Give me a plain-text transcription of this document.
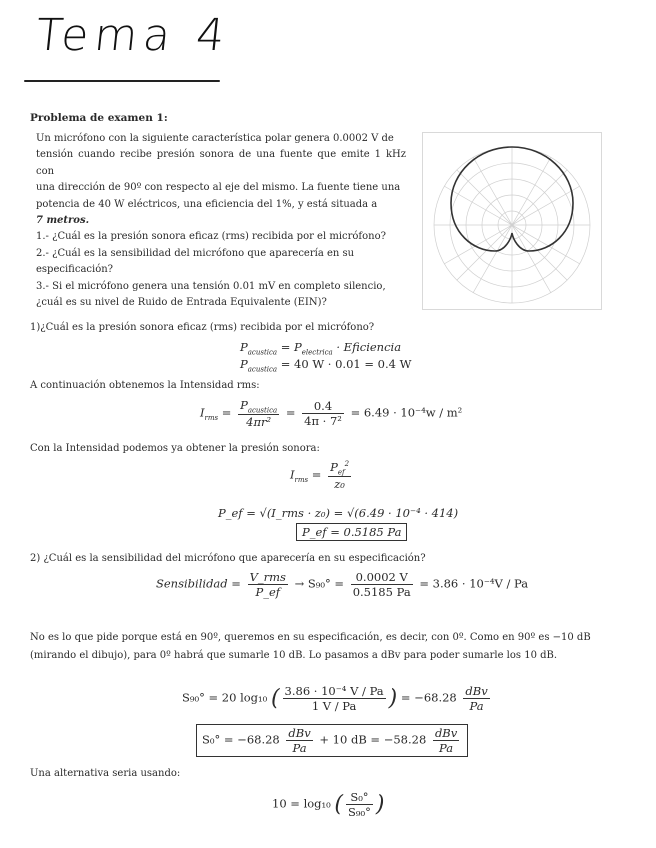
Tema 4
Problema de examen 1:

Un micrófono con la siguiente característica polar genera 0.0002 V de

tensión cuando recibe presión sonora de una fuente que emite 1 kHz con

una dirección de 90º con respecto al eje del mismo. La fuente tiene una

potencia de 40 W eléctricos, una eficiencia del 1%, y está situada a

7 metros.

1.- ¿Cuál es la presión sonora eficaz (rms) recibida por el micrófono?

2.- ¿Cuál es la sensibilidad del micrófono que aparecería en su

especificación?

3.- Si el micrófono genera una tensión 0.01 mV en completo silencio,

¿cuál es su nivel de Ruido de Entrada Equivalente (EIN)?

1)¿Cuál es la presión sonora eficaz (rms) recibida por el micrófono?
$P_{acustica} = P_{electrica}$ · Eficiencia
$P_{acustica} = 40$ W · 0.01 = 0.4 W
A continuación obtenemos la Intensidad rms:
$I_{rms} = \frac{P_{acustica}}{\text{4πr²}} = \frac{0.4}{\text{4π · 7²}} = 6.49 \cdot 10^{-4}w / m^2$
Con la Intensidad podemos ya obtener la presión sonora:
$I_{rms} = \frac{P_{ef}^2}{\text{z₀}}$
P_ef = √(I_rms · z₀) = √(6.49 · 10⁻⁴ · 414)
P_ef = 0.5185 Pa
2) ¿Cuál es la sensibilidad del micrófono que aparecería en su especificación?
Sensibilidad = $\frac{\text{V\_rms}}{P\_ef} \to S_{90}^\circ = \frac{0.0002 V}{0.5185 Pa} = 3.86 \cdot 10^{-4}V / Pa$
No es lo que pide porque está en 90º, queremos en su especificación, es decir, con 0º. Como en 90º es −10 dB
(mirando el dibujo), para 0º habrá que sumarle 10 dB. Lo pasamos a dBv para poder sumarle los 10 dB.
S₉₀° = 20 log₁₀ ( $\frac{\text{3.86 · 10⁻⁴ V / Pa}}{1 V / Pa}$ ) = $-68.28 \frac{\text{dBv}}{Pa}$
$S_0^\circ = -68.28 \frac{\text{dBv}}{Pa} + 10$ dB = $-58.28 \frac{\text{dBv}}{Pa}$
Una alternativa seria usando:
10 = log₁₀ ( $\frac{\text{S₀°}}{\text{S₉₀°}}$ )
